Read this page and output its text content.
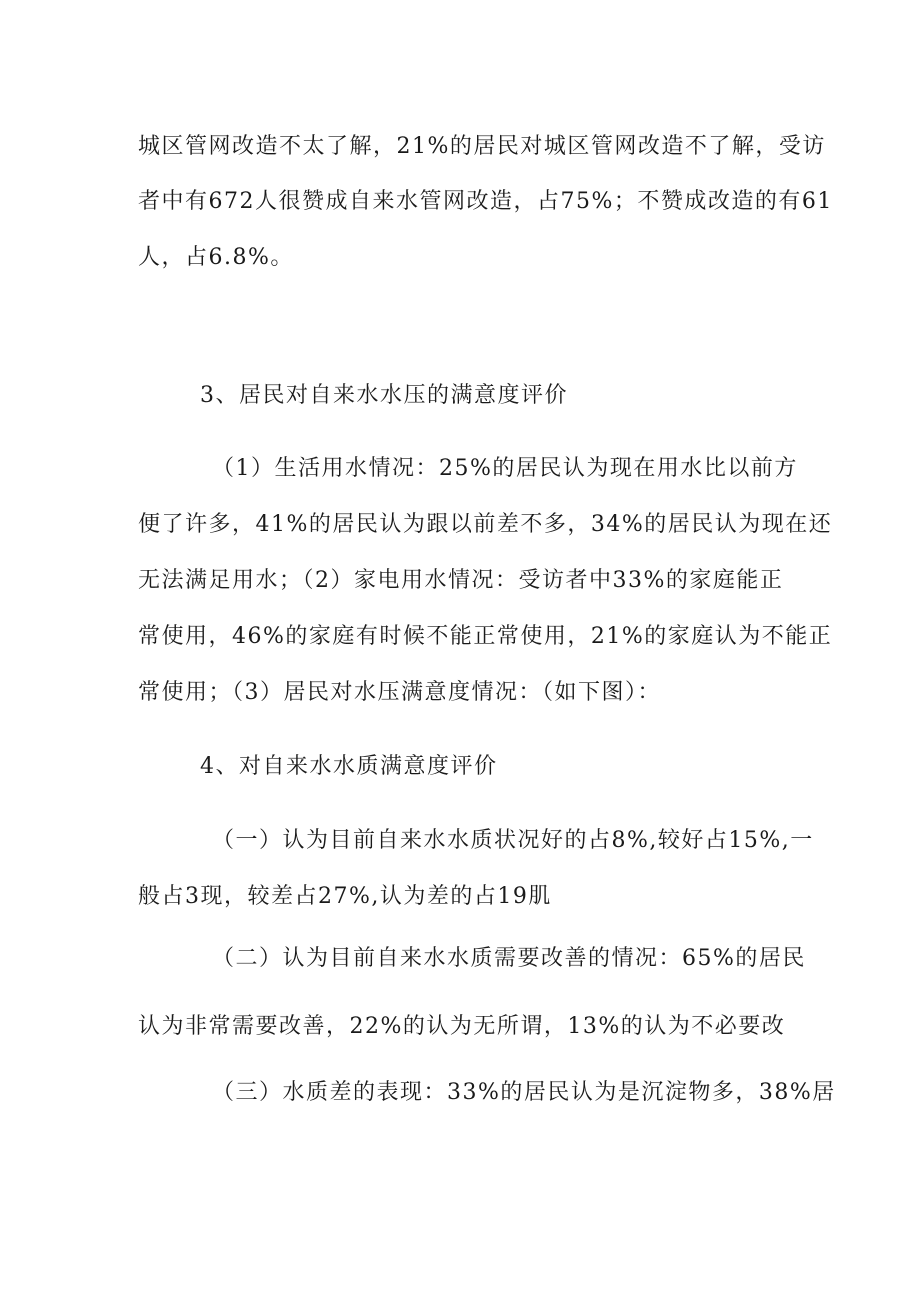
城区管网改造不太了解，21%的居民对城区管网改造不了解，受访
者中有672人很赞成自来水管网改造，占75%；不赞成改造的有61
人，占6.8%。
3、居民对自来水水压的满意度评价
（1）生活用水情况：25%的居民认为现在用水比以前方
便了许多，41%的居民认为跟以前差不多，34%的居民认为现在还
无法满足用水；（2）家电用水情况：受访者中33%的家庭能正
常使用，46%的家庭有时候不能正常使用，21%的家庭认为不能正
常使用；（3）居民对水压满意度情况：（如下图）：
4、对自来水水质满意度评价
（一）认为目前自来水水质状况好的占8%,较好占15%,一
般占3现，较差占27%,认为差的占19肌
（二）认为目前自来水水质需要改善的情况：65%的居民
认为非常需要改善，22%的认为无所谓，13%的认为不必要改
（三）水质差的表现：33%的居民认为是沉淀物多，38%居
